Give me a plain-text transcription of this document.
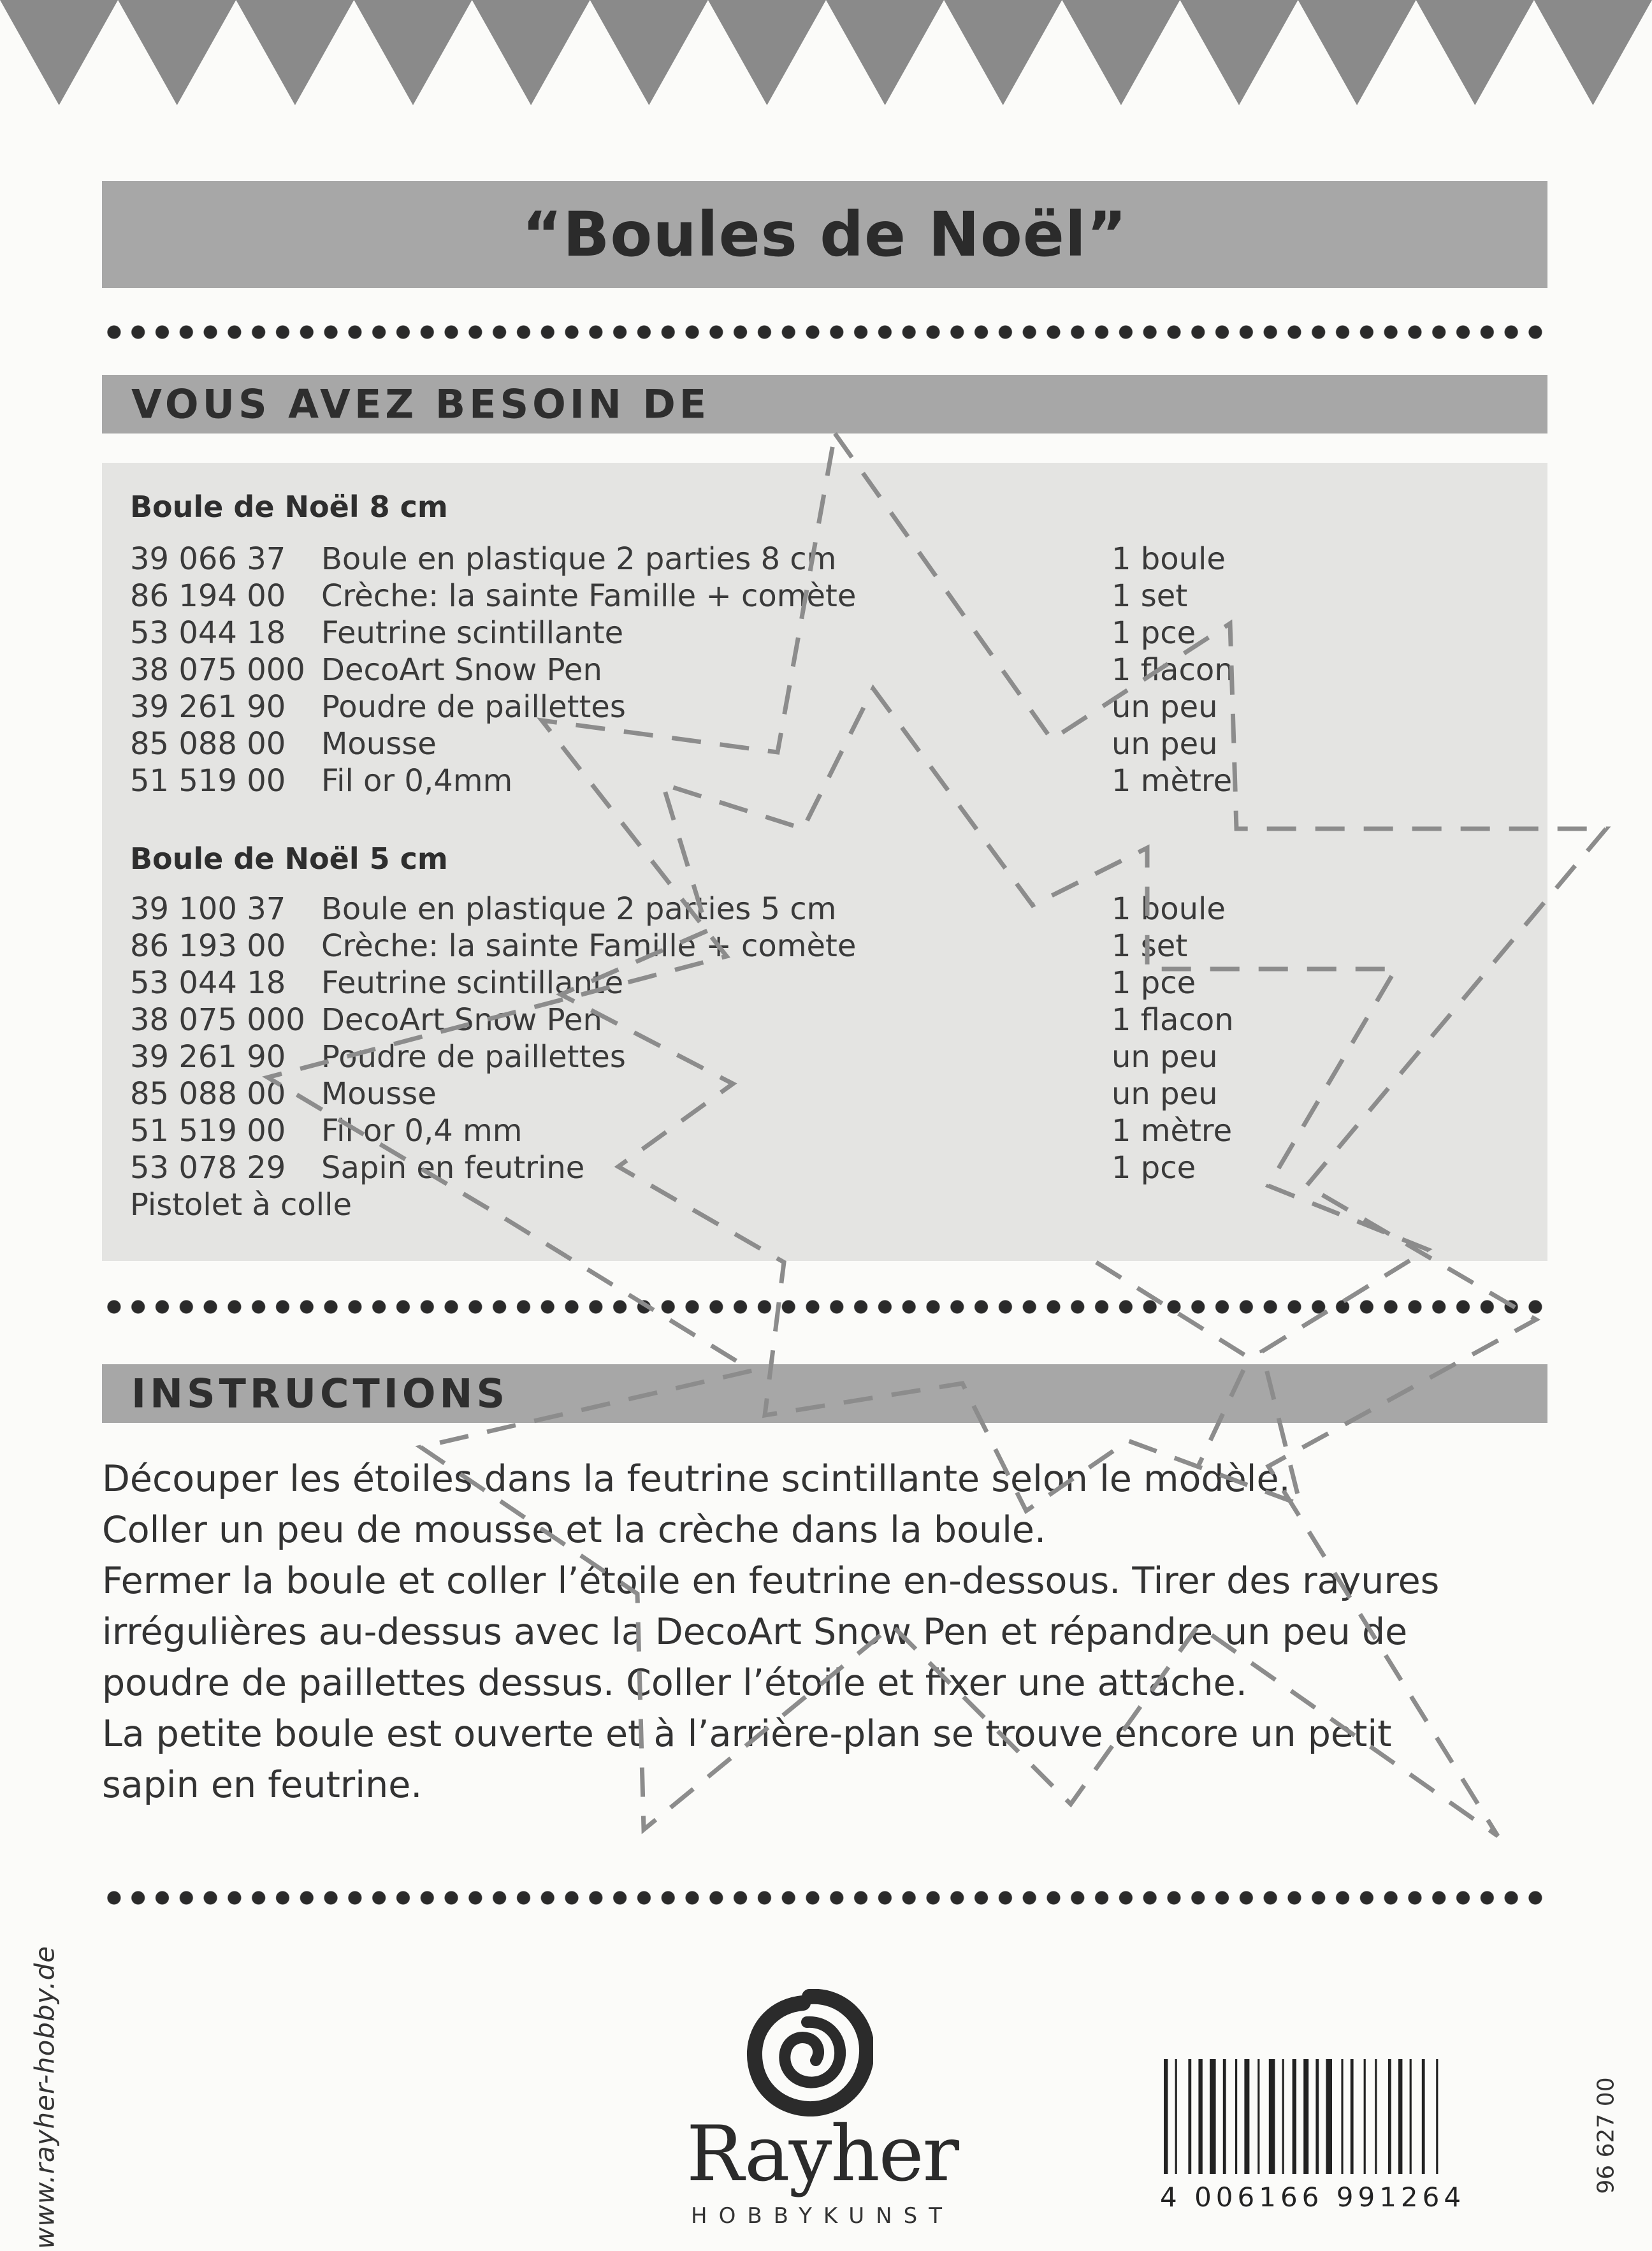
“Boules de Noël”
VOUS AVEZ BESOIN DE
Boule de Noël 8 cm
39 066 37 Boule en plastique 2 parties 8 cm	1 boule
86 194 00 Crèche: la sainte Famille + comète	1 set
53 044 18 Feutrine scintillante	1 pce
38 075 000 DecoArt Snow Pen	1 flacon
39 261 90 Poudre de paillettes	un peu
85 088 00 Mousse	un peu
51 519 00 Fil or 0,4mm	1 mètre
Boule de Noël 5 cm
39 100 37 Boule en plastique 2 parties 5 cm	1 boule
86 193 00 Crèche: la sainte Famille + comète	1 set
53 044 18 Feutrine scintillante	1 pce
38 075 000 DecoArt Snow Pen	1 flacon
39 261 90 Poudre de paillettes	un peu
85 088 00 Mousse	un peu
51 519 00 Fil or 0,4 mm	1 mètre
53 078 29 Sapin en feutrine	1 pce
Pistolet à colle
INSTRUCTIONS

Découper les étoiles dans la feutrine scintillante selon le modèle.

Coller un peu de mousse et la crèche dans la boule.

Fermer la boule et coller l’étoile en feutrine en-dessous. Tirer des rayures

irrégulières au-dessus avec la DecoArt Snow Pen et répandre un peu de

poudre de paillettes dessus. Coller l’étoile et fixer une attache.

La petite boule est ouverte et à l’arrière-plan se trouve encore un petit

sapin en feutrine.

www.rayher-hobby.de	Rayher
HOBBYKUNST
4 006166 991264
96 627 00
